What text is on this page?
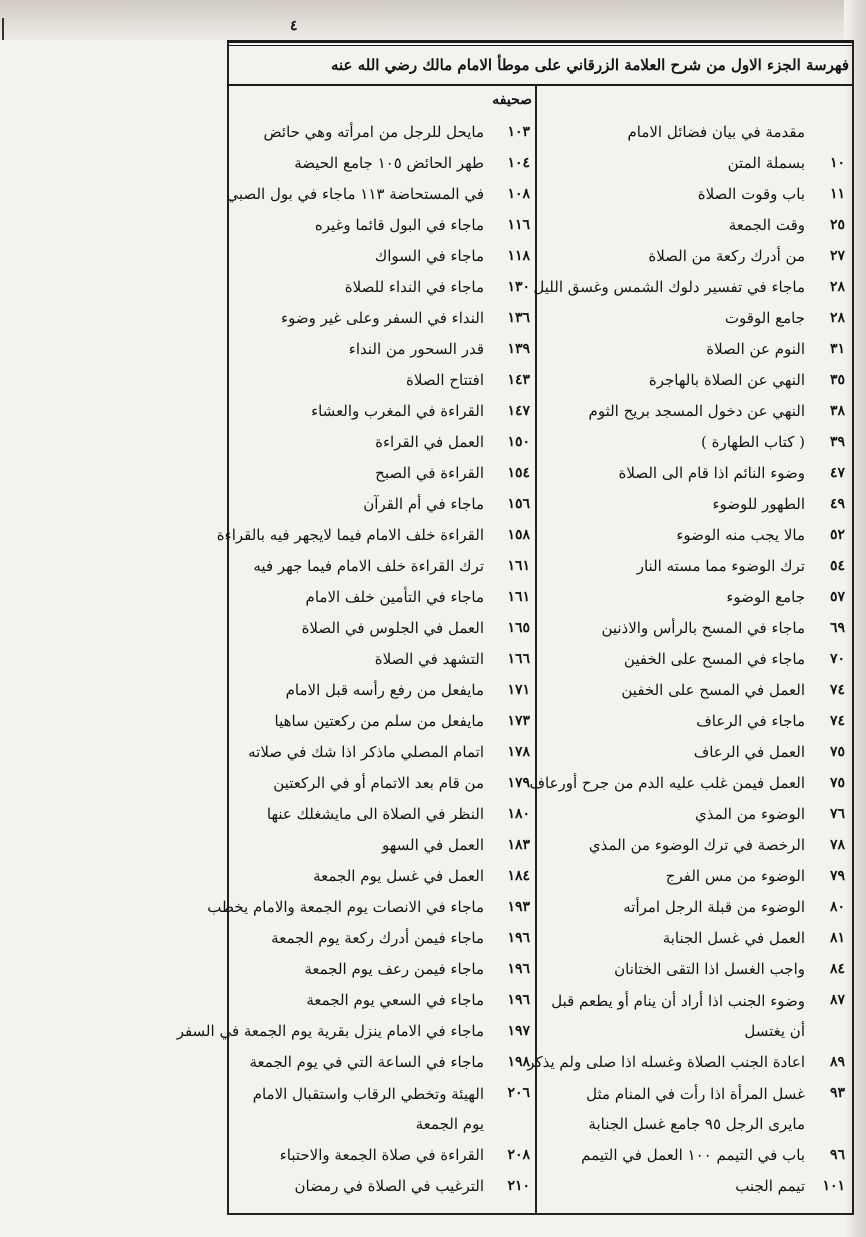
٤
فهرسة الجزء الاول من شرح العلامة الزرقاني على موطأ الامام مالك رضي الله عنه
صحيفه
مقدمة في بيان فضائل الامام
١٠
بسملة المتن
١١
باب وقوت الصلاة
٢٥
وقت الجمعة
٢٧
من أدرك ركعة من الصلاة
٢٨
ماجاء في تفسير دلوك الشمس وغسق الليل
٢٨
جامع الوقوت
٣١
النوم عن الصلاة
٣٥
النهي عن الصلاة بالهاجرة
٣٨
النهي عن دخول المسجد بريح الثوم
٣٩
( كتاب الطهارة )
٤٧
وضوء النائم اذا قام الى الصلاة
٤٩
الطهور للوضوء
٥٢
مالا يجب منه الوضوء
٥٤
ترك الوضوء مما مسته النار
٥٧
جامع الوضوء
٦٩
ماجاء في المسح بالرأس والاذنين
٧٠
ماجاء في المسح على الخفين
٧٤
العمل في المسح على الخفين
٧٤
ماجاء في الرعاف
٧٥
العمل في الرعاف
٧٥
العمل فيمن غلب عليه الدم من جرح أورعاف
٧٦
الوضوء من المذي
٧٨
الرخصة في ترك الوضوء من المذي
٧٩
الوضوء من مس الفرج
٨٠
الوضوء من قبلة الرجل امرأته
٨١
العمل في غسل الجنابة
٨٤
واجب الغسل اذا التقى الختانان
٨٧
وضوء الجنب اذا أراد أن ينام أو يطعم قبل أن يغتسل
٨٩
اعادة الجنب الصلاة وغسله اذا صلى ولم يذكر
٩٣
غسل المرأة اذا رأت في المنام مثل مايرى الرجل ٩٥ جامع غسل الجنابة
٩٦
باب في التيمم ١٠٠ العمل في التيمم
١٠١
تيمم الجنب
١٠٣
مايحل للرجل من امرأته وهي حائض
١٠٤
طهر الحائض ١٠٥ جامع الحيضة
١٠٨
في المستحاضة ١١٣ ماجاء في بول الصبي
١١٦
ماجاء في البول قائما وغيره
١١٨
ماجاء في السواك
١٣٠
ماجاء في النداء للصلاة
١٣٦
النداء في السفر وعلى غير وضوء
١٣٩
قدر السحور من النداء
١٤٣
افتتاح الصلاة
١٤٧
القراءة في المغرب والعشاء
١٥٠
العمل في القراءة
١٥٤
القراءة في الصبح
١٥٦
ماجاء في أم القرآن
١٥٨
القراءة خلف الامام فيما لايجهر فيه بالقراءة
١٦١
ترك القراءة خلف الامام فيما جهر فيه
١٦١
ماجاء في التأمين خلف الامام
١٦٥
العمل في الجلوس في الصلاة
١٦٦
التشهد في الصلاة
١٧١
مايفعل من رفع رأسه قبل الامام
١٧٣
مايفعل من سلم من ركعتين ساهيا
١٧٨
اتمام المصلي ماذكر اذا شك في صلاته
١٧٩
من قام بعد الاتمام أو في الركعتين
١٨٠
النظر في الصلاة الى مايشغلك عنها
١٨٣
العمل في السهو
١٨٤
العمل في غسل يوم الجمعة
١٩٣
ماجاء في الانصات يوم الجمعة والامام يخطب
١٩٦
ماجاء فيمن أدرك ركعة يوم الجمعة
١٩٦
ماجاء فيمن رعف يوم الجمعة
١٩٦
ماجاء في السعي يوم الجمعة
١٩٧
ماجاء في الامام ينزل بقرية يوم الجمعة في السفر
١٩٨
ماجاء في الساعة التي في يوم الجمعة
٢٠٦
الهيئة وتخطي الرقاب واستقبال الامام يوم الجمعة
٢٠٨
القراءة في صلاة الجمعة والاحتباء
٢١٠
الترغيب في الصلاة في رمضان
